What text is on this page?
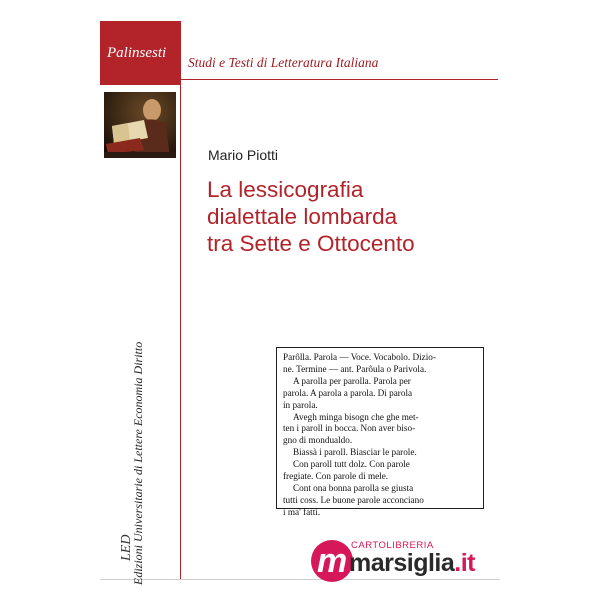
Palinsesti
Studi e Testi di Letteratura Italiana
Mario Piotti
La lessicografia
dialettale lombarda
tra Sette e Ottocento
Edizioni Universitarie di Lettere Economia Diritto
LED
Parôlla. Parola — Voce. Vocabolo. Dizio-
ne. Termine — ant. Parôula o Parivola.
A parolla per parolla. Parola per
parola. A parola a parola. Di parola
in parola.
Avegh minga bisogn che ghe met-
ten i paroll in bocca. Non aver biso-
gno di mondualdo.
Biassà i paroll. Biasciar le parole.
Con paroll tutt dolz. Con parole
fregiate. Con parole di mele.
Cont ona bonna parolla se giusta
tutti coss. Le buone parole acconciano
i ma' fatti.
m CARTOLIBRERIA
marsiglia.it
